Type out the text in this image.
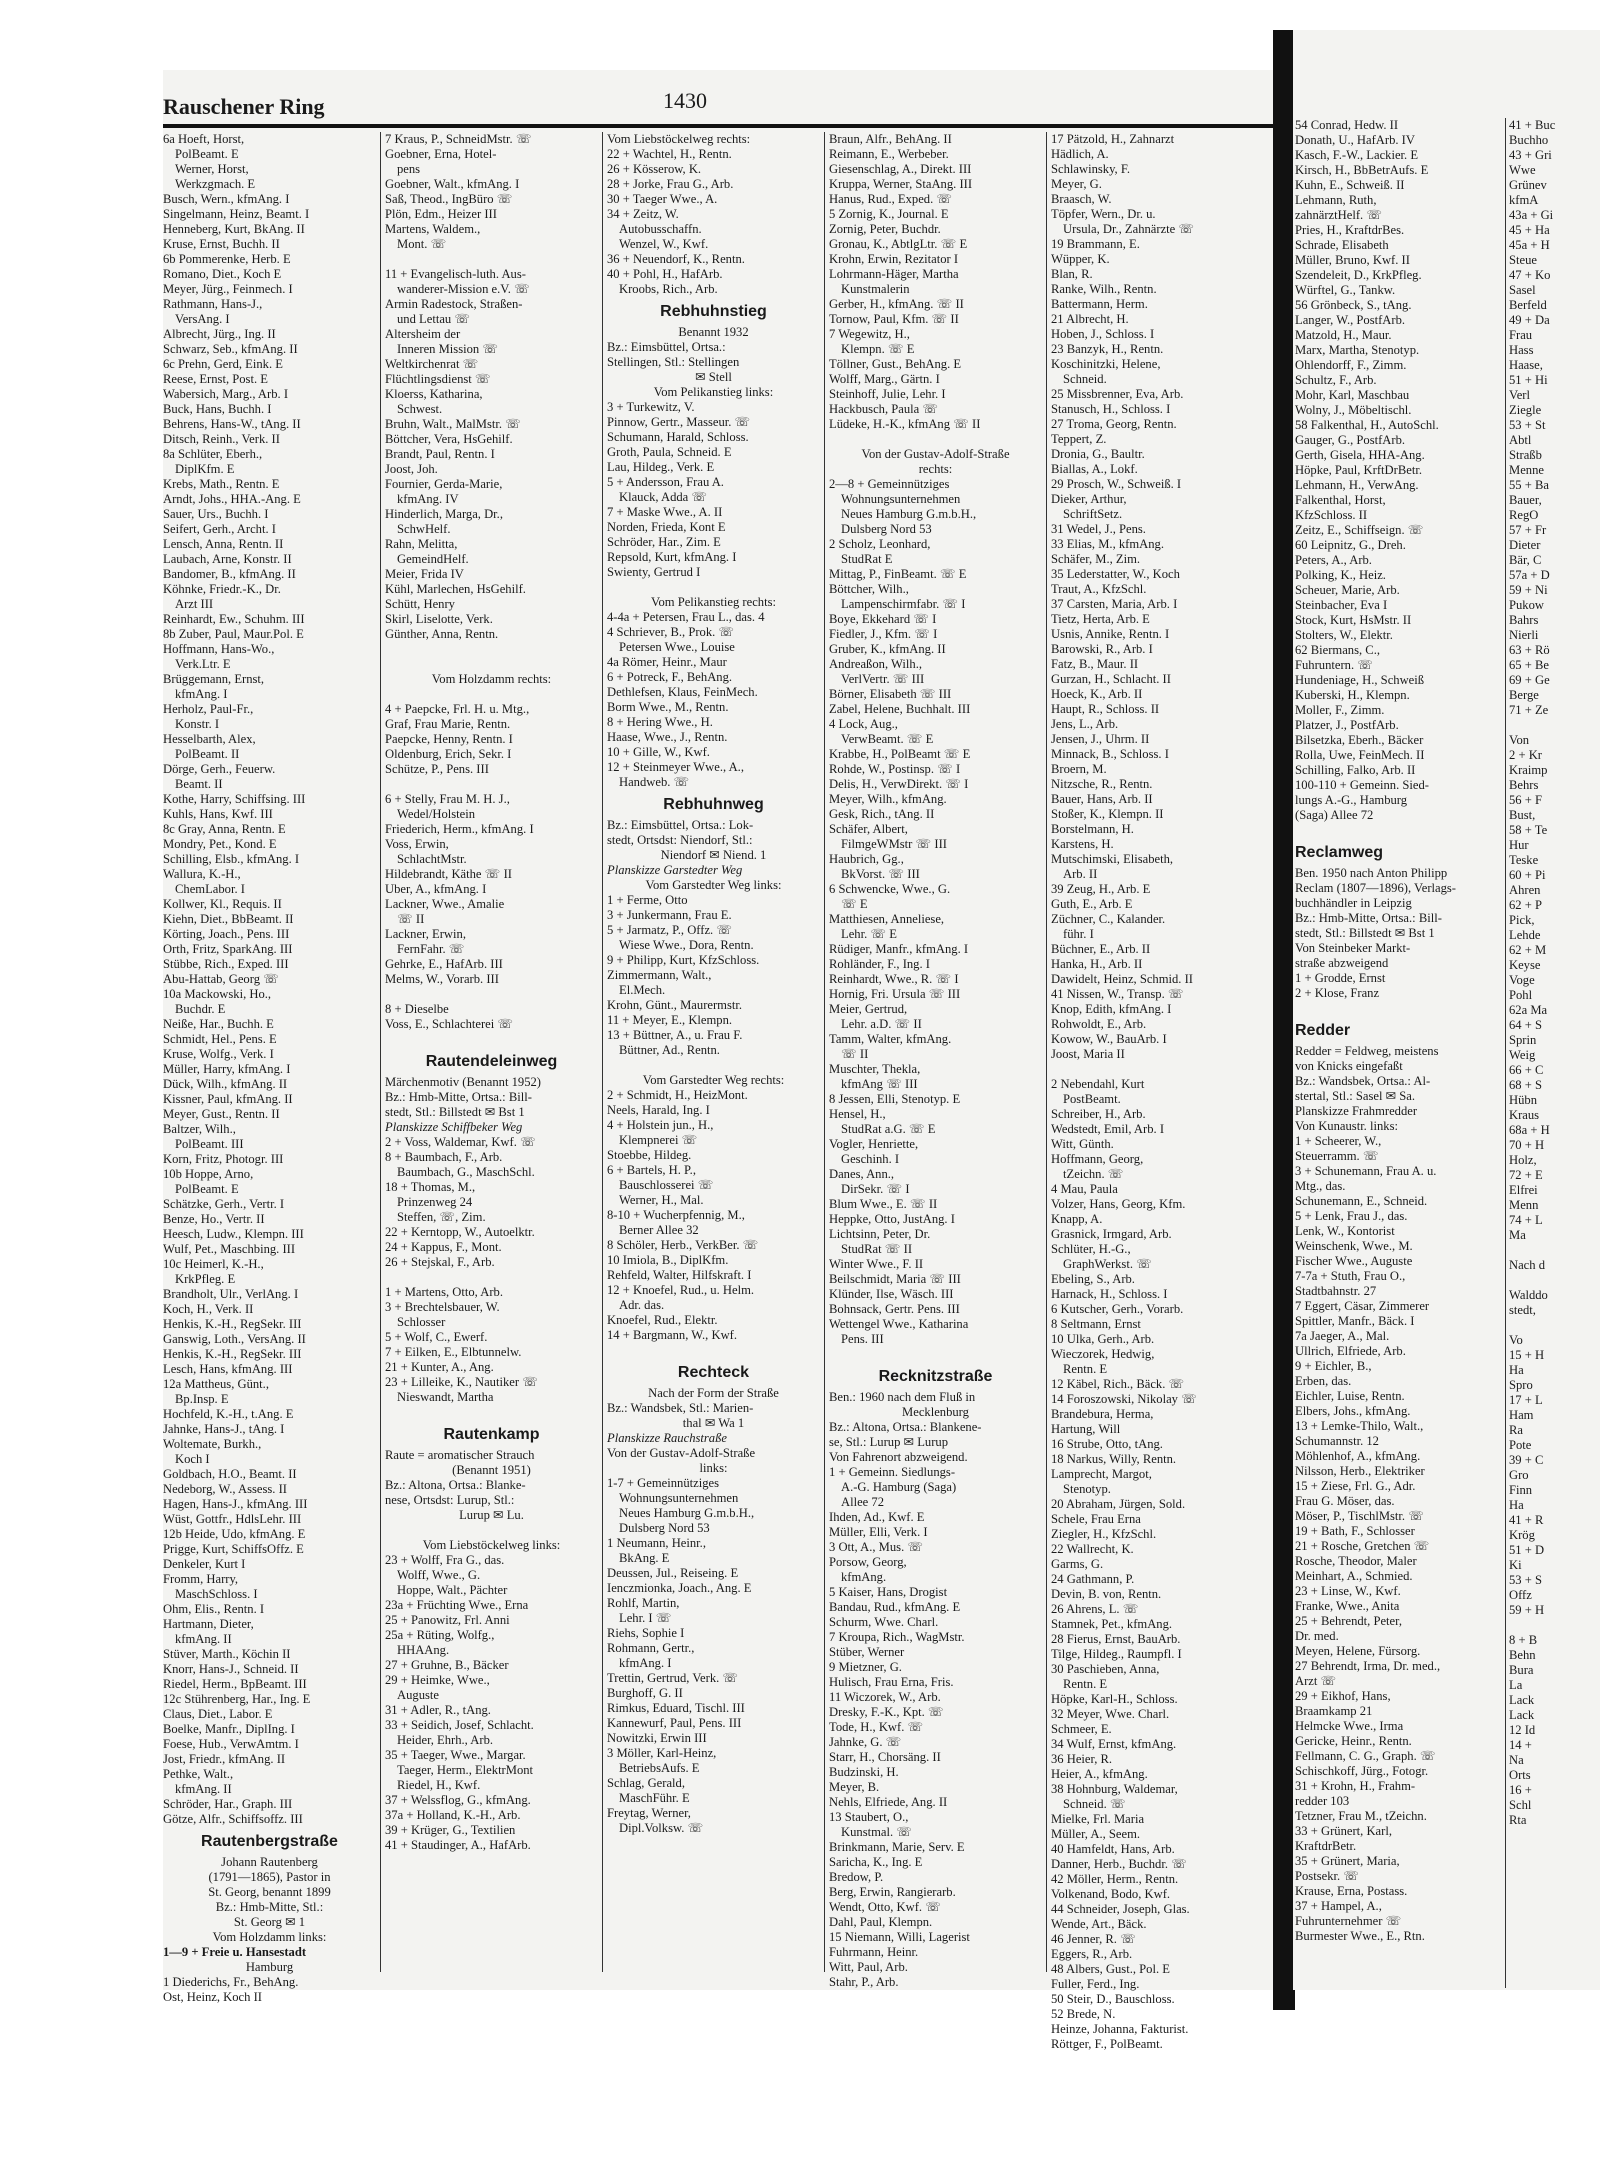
Rauschener Ring	1430
6a Hoeft, Horst,
PolBeamt. E
Werner, Horst,
Werkzgmach. E
Busch, Wern., kfmAng. I
Singelmann, Heinz, Beamt. I
Henneberg, Kurt, BkAng. II
Kruse, Ernst, Buchh. II
6b Pommerenke, Herb. E
Romano, Diet., Koch E
Meyer, Jürg., Feinmech. I
Rathmann, Hans-J.,
VersAng. I
Albrecht, Jürg., Ing. II
Schwarz, Seb., kfmAng. II
6c Prehn, Gerd, Eink. E
Reese, Ernst, Post. E
Wabersich, Marg., Arb. I
Buck, Hans, Buchh. I
Behrens, Hans-W., tAng. II
Ditsch, Reinh., Verk. II
8a Schlüter, Eberh.,
DiplKfm. E
Krebs, Math., Rentn. E
Arndt, Johs., HHA.-Ang. E
Sauer, Urs., Buchh. I
Seifert, Gerh., Archt. I
Lensch, Anna, Rentn. II
Laubach, Arne, Konstr. II
Bandomer, B., kfmAng. II
Köhnke, Friedr.-K., Dr.
Arzt III
Reinhardt, Ew., Schuhm. III
8b Zuber, Paul, Maur.Pol. E
Hoffmann, Hans-Wo.,
Verk.Ltr. E
Brüggemann, Ernst,
kfmAng. I
Herholz, Paul-Fr.,
Konstr. I
Hesselbarth, Alex,
PolBeamt. II
Dörge, Gerh., Feuerw.
Beamt. II
Kothe, Harry, Schiffsing. III
Kuhls, Hans, Kwf. III
8c Gray, Anna, Rentn. E
Mondry, Pet., Kond. E
Schilling, Elsb., kfmAng. I
Wallura, K.-H.,
ChemLabor. I
Kollwer, Kl., Requis. II
Kiehn, Diet., BbBeamt. II
Körting, Joach., Pens. III
Orth, Fritz, SparkAng. III
Stübbe, Rich., Exped. III
Abu-Hattab, Georg ☏
10a Mackowski, Ho.,
Buchdr. E
Neiße, Har., Buchh. E
Schmidt, Hel., Pens. E
Kruse, Wolfg., Verk. I
Müller, Harry, kfmAng. I
Dück, Wilh., kfmAng. II
Kissner, Paul, kfmAng. II
Meyer, Gust., Rentn. II
Baltzer, Wilh.,
PolBeamt. III
Korn, Fritz, Photogr. III
10b Hoppe, Arno,
PolBeamt. E
Schätzke, Gerh., Vertr. I
Benze, Ho., Vertr. II
Heesch, Ludw., Klempn. III
Wulf, Pet., Maschbing. III
10c Heimerl, K.-H.,
KrkPfleg. E
Brandholt, Ulr., VerlAng. I
Koch, H., Verk. II
Henkis, K.-H., RegSekr. III
Ganswig, Loth., VersAng. II
Henkis, K.-H., RegSekr. III
Lesch, Hans, kfmAng. III
12a Mattheus, Günt.,
Bp.Insp. E
Hochfeld, K.-H., t.Ang. E
Jahnke, Hans-J., tAng. I
Woltemate, Burkh.,
Koch I
Goldbach, H.O., Beamt. II
Nedeborg, W., Assess. II
Hagen, Hans-J., kfmAng. III
Wüst, Gottfr., HdlsLehr. III
12b Heide, Udo, kfmAng. E
Prigge, Kurt, SchiffsOffz. E
Denkeler, Kurt I
Fromm, Harry,
MaschSchloss. I
Ohm, Elis., Rentn. I
Hartmann, Dieter,
kfmAng. II
Stüver, Marth., Köchin II
Knorr, Hans-J., Schneid. II
Riedel, Herm., BpBeamt. III
12c Stührenberg, Har., Ing. E
Claus, Diet., Labor. E
Boelke, Manfr., DiplIng. I
Foese, Hub., VerwAmtm. I
Jost, Friedr., kfmAng. II
Pethke, Walt.,
kfmAng. II
Schröder, Har., Graph. III
Götze, Alfr., Schiffsoffz. III
Rautenbergstraße
Johann Rautenberg
(1791—1865), Pastor in
St. Georg, benannt 1899
Bz.: Hmb-Mitte, Stl.:
St. Georg ✉ 1
Vom Holzdamm links:
1—9 + Freie u. Hansestadt
Hamburg
1 Diederichs, Fr., BehAng.
Ost, Heinz, Koch II
7 Kraus, P., SchneidMstr. ☏
Goebner, Erna, Hotel-
pens
Goebner, Walt., kfmAng. I
Saß, Theod., IngBüro ☏
Plön, Edm., Heizer III
Martens, Waldem.,
Mont. ☏

11 + Evangelisch-luth. Aus-
wanderer-Mission e.V. ☏
Armin Radestock, Straßen-
und Lettau ☏
Altersheim der
Inneren Mission ☏
Weltkirchenrat ☏
Flüchtlingsdienst ☏
Kloerss, Katharina,
Schwest.
Bruhn, Walt., MalMstr. ☏
Böttcher, Vera, HsGehilf.
Brandt, Paul, Rentn. I
Joost, Joh.
Fournier, Gerda-Marie,
kfmAng. IV
Hinderlich, Marga, Dr.,
SchwHelf.
Rahn, Melitta,
GemeindHelf.
Meier, Frida IV
Kühl, Marlechen, HsGehilf.
Schütt, Henry
Skirl, Liselotte, Verk.
Günther, Anna, Rentn.

Vom Holzdamm rechts:

4 + Paepcke, Frl. H. u. Mtg.,
Graf, Frau Marie, Rentn.
Paepcke, Henny, Rentn. I
Oldenburg, Erich, Sekr. I
Schütze, P., Pens. III

6 + Stelly, Frau M. H. J.,
Wedel/Holstein
Friederich, Herm., kfmAng. I
Voss, Erwin,
SchlachtMstr.
Hildebrandt, Käthe ☏ II
Uber, A., kfmAng. I
Lackner, Wwe., Amalie
☏ II
Lackner, Erwin,
FernFahr. ☏
Gehrke, E., HafArb. III
Melms, W., Vorarb. III

8 + Dieselbe
Voss, E., Schlachterei ☏

Rautendeleinweg
Märchenmotiv (Benannt 1952)
Bz.: Hmb-Mitte, Ortsa.: Bill-
stedt, Stl.: Billstedt ✉ Bst 1
Planskizze Schiffbeker Weg
2 + Voss, Waldemar, Kwf. ☏
8 + Baumbach, F., Arb.
Baumbach, G., MaschSchl.
18 + Thomas, M.,
Prinzenweg 24
Steffen, ☏, Zim.
22 + Kerntopp, W., Autoelktr.
24 + Kappus, F., Mont.
26 + Stejskal, F., Arb.

1 + Martens, Otto, Arb.
3 + Brechtelsbauer, W.
Schlosser
5 + Wolf, C., Ewerf.
7 + Eilken, E., Elbtunnelw.
21 + Kunter, A., Ang.
23 + Lilleike, K., Nautiker ☏
Nieswandt, Martha

Rautenkamp
Raute = aromatischer Strauch
(Benannt 1951)
Bz.: Altona, Ortsa.: Blanke-
nese, Ortsdst: Lurup, Stl.:
Lurup ✉ Lu.

Vom Liebstöckelweg links:
23 + Wolff, Fra G., das.
Wolff, Wwe., G.
Hoppe, Walt., Pächter
23a + Früchting Wwe., Erna
25 + Panowitz, Frl. Anni
25a + Rüting, Wolfg.,
HHAAng.
27 + Gruhne, B., Bäcker
29 + Heimke, Wwe.,
Auguste
31 + Adler, R., tAng.
33 + Seidich, Josef, Schlacht.
Heider, Ehrh., Arb.
35 + Taeger, Wwe., Margar.
Taeger, Herm., ElektrMont
Riedel, H., Kwf.
37 + Welssflog, G., kfmAng.
37a + Holland, K.-H., Arb.
39 + Krüger, G., Textilien
41 + Staudinger, A., HafArb.
Vom Liebstöckelweg rechts:
22 + Wachtel, H., Rentn.
26 + Kösserow, K.
28 + Jorke, Frau G., Arb.
30 + Taeger Wwe., A.
34 + Zeitz, W.
Autobusschaffn.
Wenzel, W., Kwf.
36 + Neuendorf, K., Rentn.
40 + Pohl, H., HafArb.
Kroobs, Rich., Arb.
Rebhuhnstieg
Benannt 1932
Bz.: Eimsbüttel, Ortsa.:
Stellingen, Stl.: Stellingen
✉ Stell
Vom Pelikanstieg links:
3 + Turkewitz, V.
Pinnow, Gertr., Masseur. ☏
Schumann, Harald, Schloss.
Groth, Paula, Schneid. E
Lau, Hildeg., Verk. E
5 + Andersson, Frau A.
Klauck, Adda ☏
7 + Maske Wwe., A. II
Norden, Frieda, Kont E
Schröder, Har., Zim. E
Repsold, Kurt, kfmAng. I
Swienty, Gertrud I

Vom Pelikanstieg rechts:
4-4a + Petersen, Frau L., das. 4
4 Schriever, B., Prok. ☏
Petersen Wwe., Louise
4a Römer, Heinr., Maur
6 + Potreck, F., BehAng.
Dethlefsen, Klaus, FeinMech.
Borm Wwe., M., Rentn.
8 + Hering Wwe., H.
Haase, Wwe., J., Rentn.
10 + Gille, W., Kwf.
12 + Steinmeyer Wwe., A.,
Handweb. ☏
Rebhuhnweg
Bz.: Eimsbüttel, Ortsa.: Lok-
stedt, Ortsdst: Niendorf, Stl.:
Niendorf ✉ Niend. 1
Planskizze Garstedter Weg
Vom Garstedter Weg links:
1 + Ferme, Otto
3 + Junkermann, Frau E.
5 + Jarmatz, P., Offz. ☏
Wiese Wwe., Dora, Rentn.
9 + Philipp, Kurt, KfzSchloss.
Zimmermann, Walt.,
El.Mech.
Krohn, Günt., Maurermstr.
11 + Meyer, E., Klempn.
13 + Büttner, A., u. Frau F.
Büttner, Ad., Rentn.

Vom Garstedter Weg rechts:
2 + Schmidt, H., HeizMont.
Neels, Harald, Ing. I
4 + Holstein jun., H.,
Klempnerei ☏
Stoebbe, Hildeg.
6 + Bartels, H. P.,
Bauschlosserei ☏
Werner, H., Mal.
8-10 + Wucherpfennig, M.,
Berner Allee 32
8 Schöler, Herb., VerkBer. ☏
10 Imiola, B., DiplKfm.
Rehfeld, Walter, Hilfskraft. I
12 + Knoefel, Rud., u. Helm.
Adr. das.
Knoefel, Rud., Elektr.
14 + Bargmann, W., Kwf.

Rechteck
Nach der Form der Straße
Bz.: Wandsbek, Stl.: Marien-
thal ✉ Wa 1
Planskizze Rauchstraße
Von der Gustav-Adolf-Straße
links:
1-7 + Gemeinnütziges
Wohnungsunternehmen
Neues Hamburg G.m.b.H.,
Dulsberg Nord 53
1 Neumann, Heinr.,
BkAng. E
Deussen, Jul., Reiseing. E
Ienczmionka, Joach., Ang. E
Rohlf, Martin,
Lehr. I ☏
Riehs, Sophie I
Rohmann, Gertr.,
kfmAng. I
Trettin, Gertrud, Verk. ☏
Burghoff, G. II
Rimkus, Eduard, Tischl. III
Kannewurf, Paul, Pens. III
Nowitzki, Erwin III
3 Möller, Karl-Heinz,
BetriebsAufs. E
Schlag, Gerald,
MaschFühr. E
Freytag, Werner,
Dipl.Volksw. ☏
Braun, Alfr., BehAng. II
Reimann, E., Werbeber.
Giesenschlag, A., Direkt. III
Kruppa, Werner, StaAng. III
Hanus, Rud., Exped. ☏
5 Zornig, K., Journal. E
Zornig, Peter, Buchdr.
Gronau, K., AbtlgLtr. ☏ E
Krohn, Erwin, Rezitator I
Lohrmann-Häger, Martha
Kunstmalerin
Gerber, H., kfmAng. ☏ II
Tornow, Paul, Kfm. ☏ II
7 Wegewitz, H.,
Klempn. ☏ E
Töllner, Gust., BehAng. E
Wolff, Marg., Gärtn. I
Steinhoff, Julie, Lehr. I
Hackbusch, Paula ☏
Lüdeke, H.-K., kfmAng ☏ II

Von der Gustav-Adolf-Straße
rechts:
2—8 + Gemeinnütziges
Wohnungsunternehmen
Neues Hamburg G.m.b.H.,
Dulsberg Nord 53
2 Scholz, Leonhard,
StudRat E
Mittag, P., FinBeamt. ☏ E
Böttcher, Wilh.,
Lampenschirmfabr. ☏ I
Boye, Ekkehard ☏ I
Fiedler, J., Kfm. ☏ I
Gruber, K., kfmAng. II
Andreaßon, Wilh.,
VerlVertr. ☏ III
Börner, Elisabeth ☏ III
Zabel, Helene, Buchhalt. III
4 Lock, Aug.,
VerwBeamt. ☏ E
Krabbe, H., PolBeamt ☏ E
Rohde, W., Postinsp. ☏ I
Delis, H., VerwDirekt. ☏ I
Meyer, Wilh., kfmAng.
Gesk, Rich., tAng. II
Schäfer, Albert,
FilmgeWMstr ☏ III
Haubrich, Gg.,
BkVorst. ☏ III
6 Schwencke, Wwe., G.
☏ E
Matthiesen, Anneliese,
Lehr. ☏ E
Rüdiger, Manfr., kfmAng. I
Rohländer, F., Ing. I
Reinhardt, Wwe., R. ☏ I
Hornig, Fri. Ursula ☏ III
Meier, Gertrud,
Lehr. a.D. ☏ II
Tamm, Walter, kfmAng.
☏ II
Muschter, Thekla,
kfmAng ☏ III
8 Jessen, Elli, Stenotyp. E
Hensel, H.,
StudRat a.G. ☏ E
Vogler, Henriette,
Geschinh. I
Danes, Ann.,
DirSekr. ☏ I
Blum Wwe., E. ☏ II
Heppke, Otto, JustAng. I
Lichtsinn, Peter, Dr.
StudRat ☏ II
Winter Wwe., F. II
Beilschmidt, Maria ☏ III
Klünder, Ilse, Wäsch. III
Bohnsack, Gertr. Pens. III
Wettengel Wwe., Katharina
Pens. III

Recknitzstraße
Ben.: 1960 nach dem Fluß in
Mecklenburg
Bz.: Altona, Ortsa.: Blankene-
se, Stl.: Lurup ✉ Lurup
Von Fahrenort abzweigend.
1 + Gemeinn. Siedlungs-
A.-G. Hamburg (Saga)
Allee 72
Ihden, Ad., Kwf. E
Müller, Elli, Verk. I
3 Ott, A., Mus. ☏
Porsow, Georg,
kfmAng.
5 Kaiser, Hans, Drogist
Bandau, Rud., kfmAng. E
Schurm, Wwe. Charl.
7 Kroupa, Rich., WagMstr.
Stüber, Werner
9 Mietzner, G.
Hulisch, Frau Erna, Fris.
11 Wiczorek, W., Arb.
Dresky, F.-K., Kpt. ☏
Tode, H., Kwf. ☏
Jahnke, G. ☏
Starr, H., Chorsäng. II
Budzinski, H.
Meyer, B.
Nehls, Elfriede, Ang. II
13 Staubert, O.,
Kunstmal. ☏
Brinkmann, Marie, Serv. E
Saricha, K., Ing. E
Bredow, P.
Berg, Erwin, Rangierarb.
Wendt, Otto, Kwf. ☏
Dahl, Paul, Klempn.
15 Niemann, Willi, Lagerist
Fuhrmann, Heinr.
Witt, Paul, Arb.
Stahr, P., Arb.
17 Pätzold, H., Zahnarzt
Hädlich, A.
Schlawinsky, F.
Meyer, G.
Braasch, W.
Töpfer, Wern., Dr. u.
Ursula, Dr., Zahnärzte ☏
19 Brammann, E.
Wüpper, K.
Blan, R.
Ranke, Wilh., Rentn.
Battermann, Herm.
21 Albrecht, H.
Hoben, J., Schloss. I
23 Banzyk, H., Rentn.
Koschinitzki, Helene,
Schneid.
25 Missbrenner, Eva, Arb.
Stanusch, H., Schloss. I
27 Troma, Georg, Rentn.
Teppert, Z.
Dronia, G., Baultr.
Biallas, A., Lokf.
29 Prosch, W., Schweiß. I
Dieker, Arthur,
SchriftSetz.
31 Wedel, J., Pens.
33 Elias, M., kfmAng.
Schäfer, M., Zim.
35 Lederstatter, W., Koch
Traut, A., KfzSchl.
37 Carsten, Maria, Arb. I
Tietz, Herta, Arb. E
Usnis, Annike, Rentn. I
Barowski, R., Arb. I
Fatz, B., Maur. II
Gurzan, H., Schlacht. II
Hoeck, K., Arb. II
Haupt, R., Schloss. II
Jens, L., Arb.
Jensen, J., Uhrm. II
Minnack, B., Schloss. I
Broern, M.
Nitzsche, R., Rentn.
Bauer, Hans, Arb. II
Stoßer, K., Klempn. II
Borstelmann, H.
Karstens, H.
Mutschimski, Elisabeth,
Arb. II
39 Zeug, H., Arb. E
Guth, E., Arb. E
Züchner, C., Kalander.
führ. I
Büchner, E., Arb. II
Hanka, H., Arb. II
Dawidelt, Heinz, Schmid. II
41 Nissen, W., Transp. ☏
Knop, Edith, kfmAng. I
Rohwoldt, E., Arb.
Kowow, W., BauArb. I
Joost, Maria II

2 Nebendahl, Kurt
PostBeamt.
Schreiber, H., Arb.
Wedstedt, Emil, Arb. I
Witt, Günth.
Hoffmann, Georg,
tZeichn. ☏
4 Mau, Paula
Volzer, Hans, Georg, Kfm.
Knapp, A.
Grasnick, Irmgard, Arb.
Schlüter, H.-G.,
GraphWerkst. ☏
Ebeling, S., Arb.
Harnack, H., Schloss. I
6 Kutscher, Gerh., Vorarb.
8 Seltmann, Ernst
10 Ulka, Gerh., Arb.
Wieczorek, Hedwig,
Rentn. E
12 Käbel, Rich., Bäck. ☏
14 Foroszowski, Nikolay ☏
Brandebura, Herma,
Hartung, Will
16 Strube, Otto, tAng.
18 Narkus, Willy, Rentn.
Lamprecht, Margot,
Stenotyp.
20 Abraham, Jürgen, Sold.
Schele, Frau Erna
Ziegler, H., KfzSchl.
22 Wallrecht, K.
Garms, G.
24 Gathmann, P.
Devin, B. von, Rentn.
26 Ahrens, L. ☏
Stamnek, Pet., kfmAng.
28 Fierus, Ernst, BauArb.
Tilge, Hildeg., Raumpfl. I
30 Paschieben, Anna,
Rentn. E
Höpke, Karl-H., Schloss.
32 Meyer, Wwe. Charl.
Schmeer, E.
34 Wulf, Ernst, kfmAng.
36 Heier, R.
Heier, A., kfmAng.
38 Hohnburg, Waldemar,
Schneid. ☏
Mielke, Frl. Maria
Müller, A., Seem.
40 Hamfeldt, Hans, Arb.
Danner, Herb., Buchdr. ☏
42 Möller, Herm., Rentn.
Volkenand, Bodo, Kwf.
44 Schneider, Joseph, Glas.
Wende, Art., Bäck.
46 Jenner, R. ☏
Eggers, R., Arb.
48 Albers, Gust., Pol. E
Fuller, Ferd., Ing.
50 Steir, D., Bauschloss.
52 Brede, N.
Heinze, Johanna, Fakturist.
Röttger, F., PolBeamt.
54 Conrad, Hedw. II
Donath, U., HafArb. IV
Kasch, F.-W., Lackier. E
Kirsch, H., BbBetrAufs. E
Kuhn, E., Schweiß. II
Lehmann, Ruth,
zahnärztHelf. ☏
Pries, H., KraftdrBes.
Schrade, Elisabeth
Müller, Bruno, Kwf. II
Szendeleit, D., KrkPfleg.
Würftel, G., Tankw.
56 Grönbeck, S., tAng.
Langer, W., PostfArb.
Matzold, H., Maur.
Marx, Martha, Stenotyp.
Ohlendorff, F., Zimm.
Schultz, F., Arb.
Mohr, Karl, Maschbau
Wolny, J., Möbeltischl.
58 Falkenthal, H., AutoSchl.
Gauger, G., PostfArb.
Gerth, Gisela, HHA-Ang.
Höpke, Paul, KrftDrBetr.
Lehmann, H., VerwAng.
Falkenthal, Horst,
KfzSchloss. II
Zeitz, E., Schiffseign. ☏
60 Leipnitz, G., Dreh.
Peters, A., Arb.
Polking, K., Heiz.
Scheuer, Marie, Arb.
Steinbacher, Eva I
Stock, Kurt, HsMstr. II
Stolters, W., Elektr.
62 Biermans, C.,
Fuhruntern. ☏
Hundeniage, H., Schweiß
Kuberski, H., Klempn.
Moller, F., Zimm.
Platzer, J., PostfArb.
Bilsetzka, Eberh., Bäcker
Rolla, Uwe, FeinMech. II
Schilling, Falko, Arb. II
100-110 + Gemeinn. Sied-
lungs A.-G., Hamburg
(Saga) Allee 72

Reclamweg
Ben. 1950 nach Anton Philipp
Reclam (1807—1896), Verlags-
buchhändler in Leipzig
Bz.: Hmb-Mitte, Ortsa.: Bill-
stedt, Stl.: Billstedt ✉ Bst 1
Von Steinbeker Markt-
straße abzweigend
1 + Grodde, Ernst
2 + Klose, Franz

Redder
Redder = Feldweg, meistens
von Knicks eingefaßt
Bz.: Wandsbek, Ortsa.: Al-
stertal, Stl.: Sasel ✉ Sa.
Planskizze Frahmredder
Von Kunaustr. links:
1 + Scheerer, W.,
Steuerramm. ☏
3 + Schunemann, Frau A. u.
Mtg., das.
Schunemann, E., Schneid.
5 + Lenk, Frau J., das.
Lenk, W., Kontorist
Weinschenk, Wwe., M.
Fischer Wwe., Auguste
7-7a + Stuth, Frau O.,
Stadtbahnstr. 27
7 Eggert, Cäsar, Zimmerer
Spittler, Manfr., Bäck. I
7a Jaeger, A., Mal.
Ullrich, Elfriede, Arb.
9 + Eichler, B.,
Erben, das.
Eichler, Luise, Rentn.
Elbers, Johs., kfmAng.
13 + Lemke-Thilo, Walt.,
Schumannstr. 12
Möhlenhof, A., kfmAng.
Nilsson, Herb., Elektriker
15 + Ziese, Frl. G., Adr.
Frau G. Möser, das.
Möser, P., TischlMstr. ☏
19 + Bath, F., Schlosser
21 + Rosche, Gretchen ☏
Rosche, Theodor, Maler
Meinhart, A., Schmied.
23 + Linse, W., Kwf.
Franke, Wwe., Anita
25 + Behrendt, Peter,
Dr. med.
Meyen, Helene, Fürsorg.
27 Behrendt, Irma, Dr. med.,
Arzt ☏
29 + Eikhof, Hans,
Braamkamp 21
Helmcke Wwe., Irma
Gericke, Heinr., Rentn.
Fellmann, C. G., Graph. ☏
Schischkoff, Jürg., Fotogr.
31 + Krohn, H., Frahm-
redder 103
Tetzner, Frau M., tZeichn.
33 + Grünert, Karl,
KraftdrBetr.
35 + Grünert, Maria,
Postsekr. ☏
Krause, Erna, Postass.
37 + Hampel, A.,
Fuhrunternehmer ☏
Burmester Wwe., E., Rtn.
41 + Buc
Buchho
43 + Gri
Wwe
Grünev
kfmA
43a + Gi
45 + Ha
45a + H
Steue
47 + Ko
Sasel
Berfeld
49 + Da
Frau
Hass
Haase,
51 + Hi
Verl
Ziegle
53 + St
Abtl
Straßb
Menne
55 + Ba
Bauer,
RegO
57 + Fr
Dieter
Bär, C
57a + D
59 + Ni
Pukow
Bahrs
Nierli
63 + Rö
65 + Be
69 + Ge
Berge
71 + Ze

Von
2 + Kr
Kraimp
Behrs
56 + F
Bust,
58 + Te
Hur
Teske
60 + Pi
Ahren
62 + P
Pick,
Lehde
62 + M
Keyse
Voge
Pohl
62a Ma
64 + S
Sprin
Weig
66 + C
68 + S
Hübn
Kraus
68a + H
70 + H
Holz,
72 + E
Elfrei
Menn
74 + L
Ma

Nach d

Walddo
stedt,

Vo
15 + H
Ha
Spro
17 + L
Ham
Ra
Pote
39 + C
Gro
Finn
Ha
41 + R
Krög
51 + D
Ki
53 + S
Offz
59 + H

8 + B
Behn
Bura
La
Lack
Lack
12 Id
14 +
Na
Orts
16 +
Schl
Rta
